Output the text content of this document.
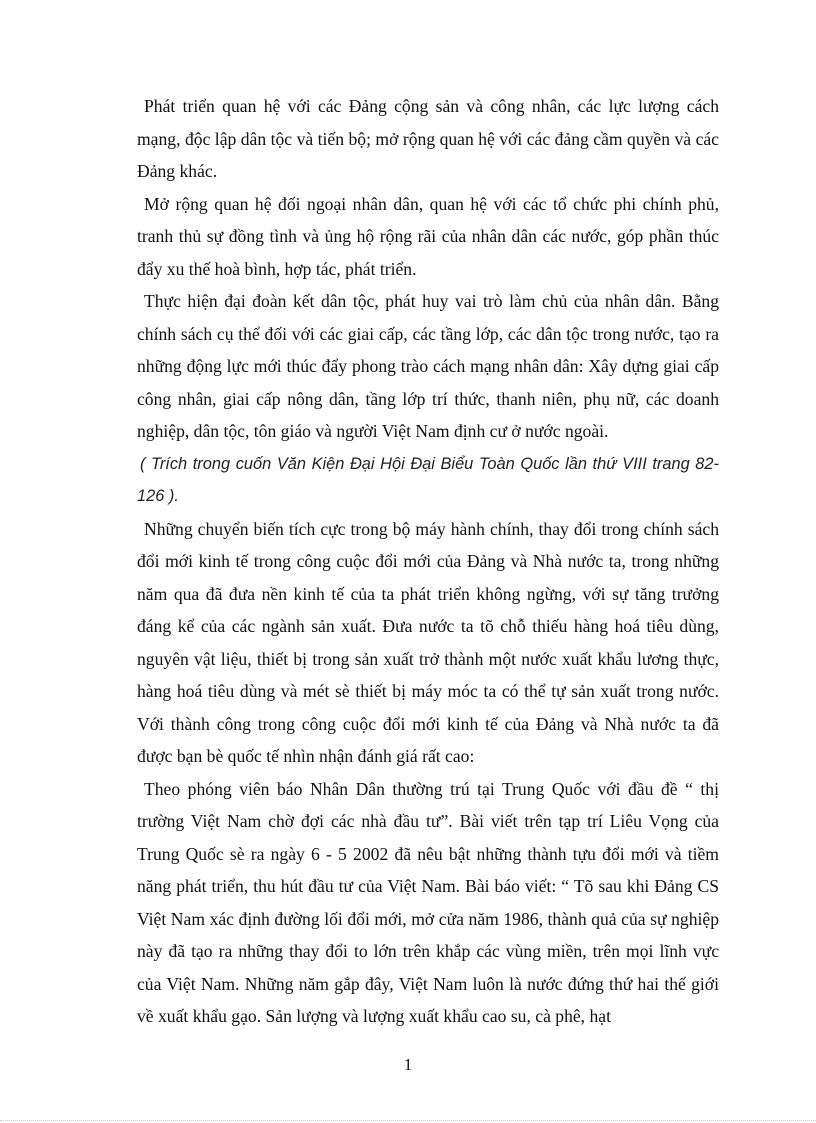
Phát triển quan hệ với các Đảng cộng sản và công nhân, các lực lượng cách mạng, độc lập dân tộc và tiến bộ; mở rộng quan hệ với các đảng cầm quyền và các Đảng khác.

Mở rộng quan hệ đối ngoại nhân dân, quan hệ với các tổ chức phi chính phủ, tranh thủ sự đồng tình và ủng hộ rộng rãi của nhân dân các nước, góp phần thúc đẩy xu thế hoà bình, hợp tác, phát triển.

Thực hiện đại đoàn kết dân tộc, phát huy vai trò làm chủ của nhân dân. Bằng chính sách cụ thể đối với các giai cấp, các tầng lớp, các dân tộc trong nước, tạo ra những động lực mới thúc đẩy phong trào cách mạng nhân dân: Xây dựng giai cấp công nhân, giai cấp nông dân, tầng lớp trí thức, thanh niên, phụ nữ, các doanh nghiệp, dân tộc, tôn giáo và người Việt Nam định cư ở nước ngoài.

( Trích trong cuốn Văn Kiện Đại Hội Đại Biểu Toàn Quốc lần thứ VIII trang 82- 126 ).

Những chuyển biến tích cực trong bộ máy hành chính, thay đổi trong chính sách đổi mới kinh tế trong công cuộc đổi mới của Đảng và Nhà nước ta, trong những năm qua đã đưa nền kinh tế của ta phát triển không ngừng, với sự tăng trưởng đáng kể của các ngành sản xuất. Đưa nước ta tõ chỗ thiếu hàng hoá tiêu dùng, nguyên vật liệu, thiết bị trong sản xuất trở thành một nước xuất khẩu lương thực, hàng hoá tiêu dùng và mét sè thiết bị máy móc ta có thể tự sản xuất trong nước. Với thành công trong công cuộc đổi mới kinh tế của Đảng và Nhà nước ta đã được bạn bè quốc tế nhìn nhận đánh giá rất cao:

Theo phóng viên báo Nhân Dân thường trú tại Trung Quốc với đầu đề “ thị trường Việt Nam chờ đợi các nhà đầu tư”. Bài viết trên tạp trí Liêu Vọng của Trung Quốc sè ra ngày 6 - 5 2002 đã nêu bật những thành tựu đổi mới và tiềm năng phát triển, thu hút đầu tư của Việt Nam. Bài báo viết: “ Tõ sau khi Đảng CS Việt Nam xác định đường lối đổi mới, mở cửa năm 1986, thành quả của sự nghiệp này đã tạo ra những thay đổi to lớn trên khắp các vùng miền, trên mọi lĩnh vực của Việt Nam. Những năm gắp đây, Việt Nam luôn là nước đứng thứ hai thế giới về xuất khẩu gạo. Sản lượng và lượng xuất khẩu cao su, cà phê, hạt

1
